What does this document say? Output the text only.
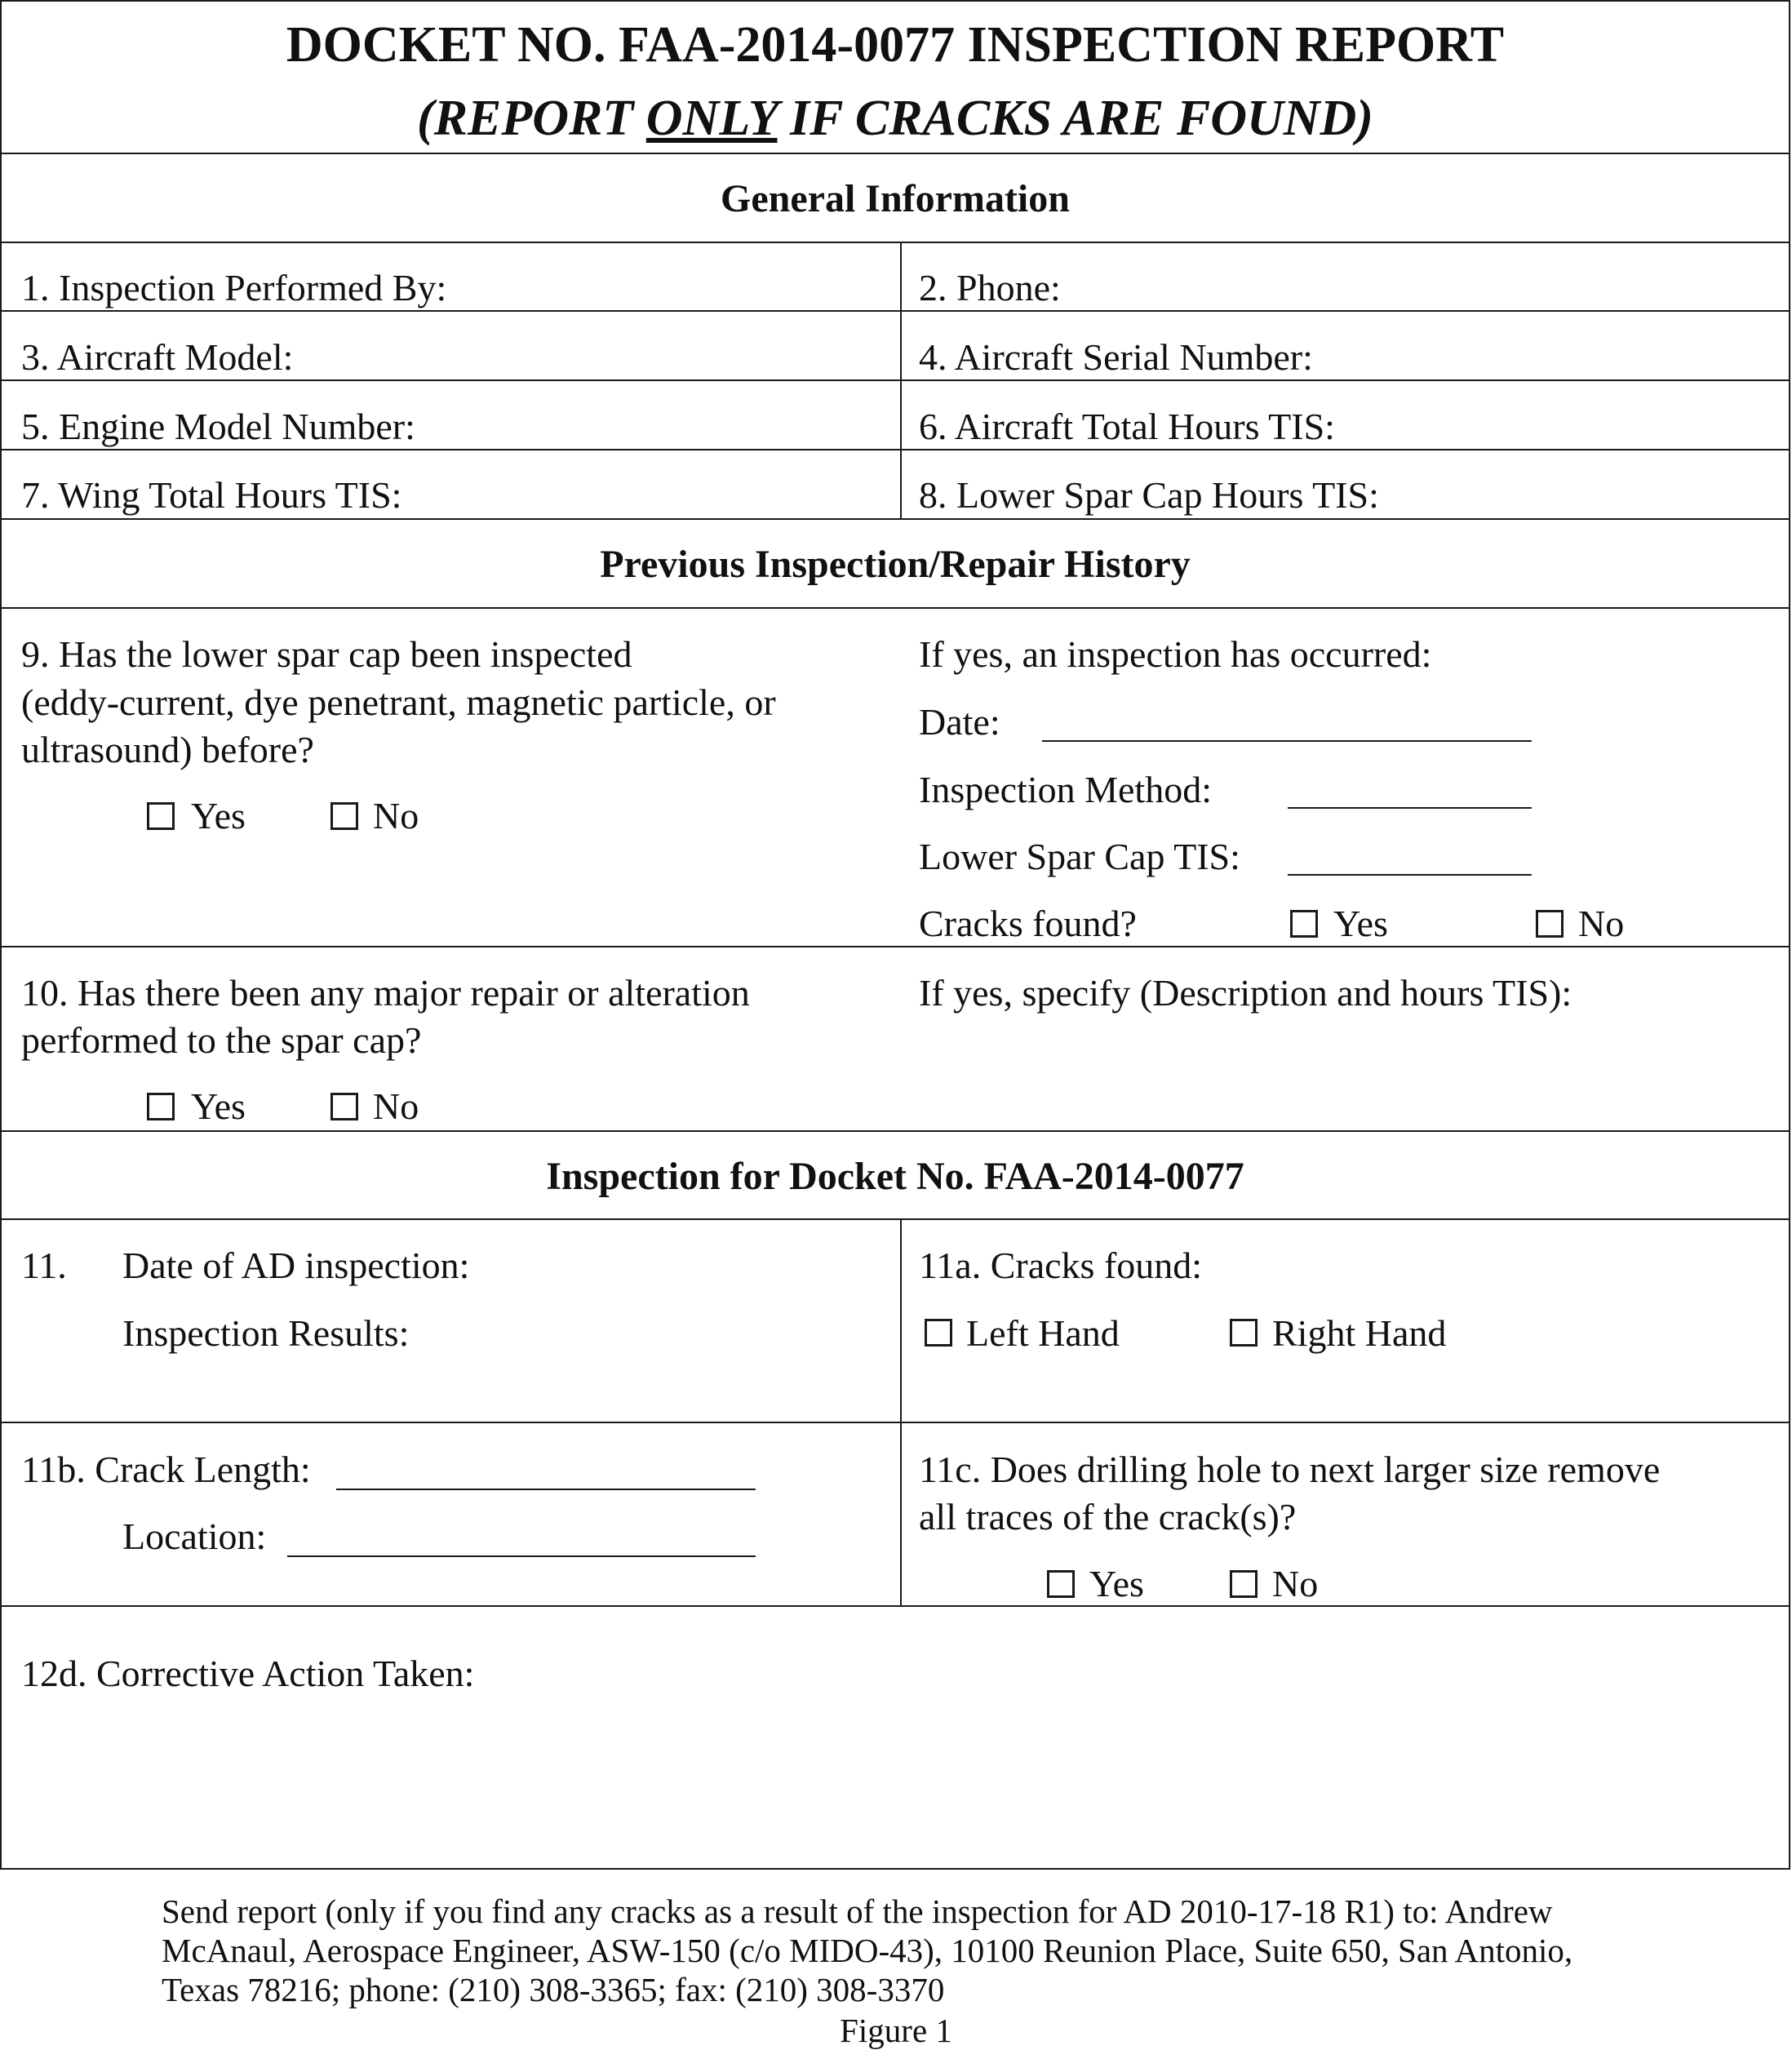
DOCKET NO. FAA-2014-0077 INSPECTION REPORT
(REPORT ONLY IF CRACKS ARE FOUND)
General Information
1. Inspection Performed By:	2. Phone:
3. Aircraft Model:	4. Aircraft Serial Number:
5. Engine Model Number:	6. Aircraft Total Hours TIS:
7. Wing Total Hours TIS:	8. Lower Spar Cap Hours TIS:
Previous Inspection/Repair History
9. Has the lower spar cap been inspected
(eddy-current, dye penetrant, magnetic particle, or
ultrasound) before?
Yes	No
If yes, an inspection has occurred:
Date:
Inspection Method:
Lower Spar Cap TIS:
Cracks found?	Yes	No
10. Has there been any major repair or alteration
performed to the spar cap?
Yes	No
If yes, specify (Description and hours TIS):
Inspection for Docket No. FAA-2014-0077
11. Date of AD inspection:
Inspection Results:
11a. Cracks found:
Left Hand	Right Hand
11b. Crack Length:
Location:
11c. Does drilling hole to next larger size remove
all traces of the crack(s)?
Yes	No
12d. Corrective Action Taken:
Send report (only if you find any cracks as a result of the inspection for AD 2010-17-18 R1) to: Andrew
McAnaul, Aerospace Engineer, ASW-150 (c/o MIDO-43), 10100 Reunion Place, Suite 650, San Antonio,
Texas 78216; phone: (210) 308-3365; fax: (210) 308-3370
Figure 1
